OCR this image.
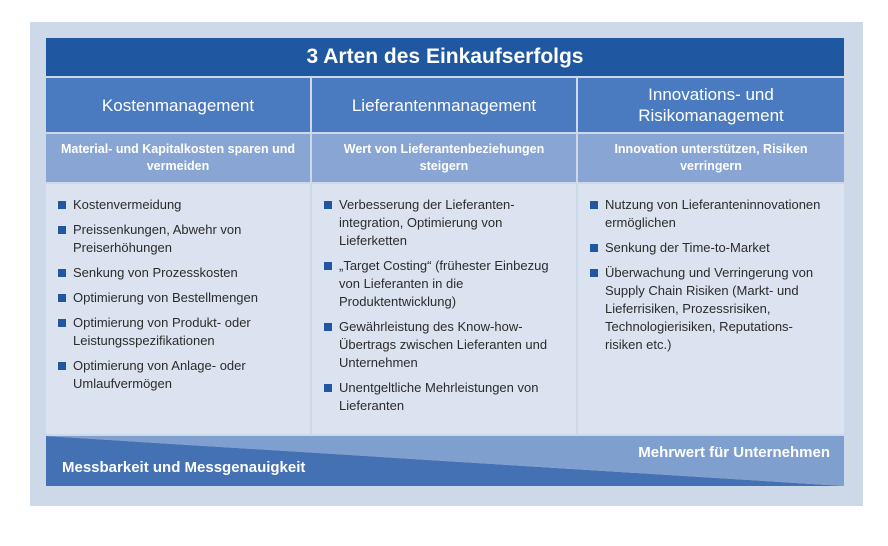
3 Arten des Einkaufserfolgs
Kostenmanagement
Material- und Kapitalkosten sparen und vermeiden
Kostenvermeidung
Preissenkungen, Abwehr von Preiserhöhungen
Senkung von Prozesskosten
Optimierung von Bestellmengen
Optimierung von Produkt- oder Leistungsspezifikationen
Optimierung von Anlage- oder Umlaufvermögen
Lieferantenmanagement
Wert von Lieferantenbeziehungen steigern
Verbesserung der Lieferanten- integration, Optimierung von Lieferketten
„Target Costing“ (frühester Einbezug von Lieferanten in die Produktentwicklung)
Gewährleistung des Know-how- Übertrags zwischen Lieferanten und Unternehmen
Unentgeltliche Mehrleistungen von Lieferanten
Innovations- und Risikomanagement
Innovation unterstützen, Risiken verringern
Nutzung von Lieferanteninnovationen ermöglichen
Senkung der Time-to-Market
Überwachung und Verringerung von Supply Chain Risiken (Markt- und Lieferrisiken, Prozessrisiken, Technologierisiken, Reputations- risiken etc.)
Messbarkeit und Messgenauigkeit
Mehrwert für Unternehmen
